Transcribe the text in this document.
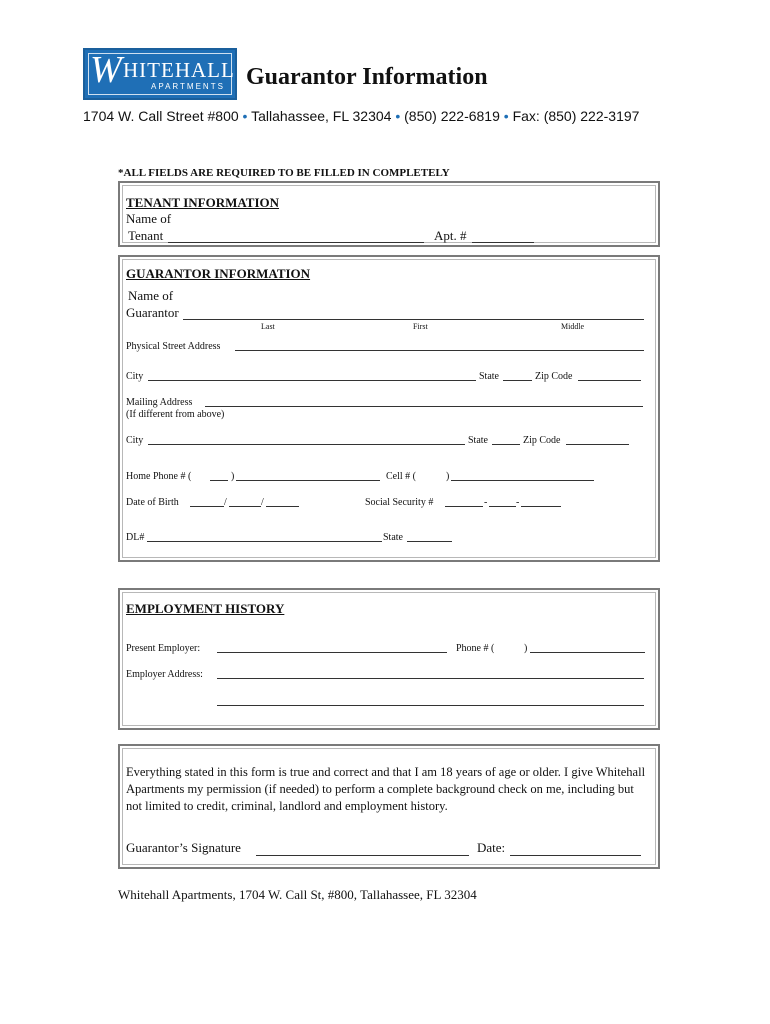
W HITEHALL
APARTMENTS Guarantor Information
1704 W. Call Street #800 • Tallahassee, FL 32304 • (850) 222-6819 • Fax: (850) 222-3197
*ALL FIELDS ARE REQUIRED TO BE FILLED IN COMPLETELY
TENANT INFORMATION
Name of
Tenant	Apt. #
GUARANTOR INFORMATION
Name of
Guarantor
Last	First	Middle
Physical Street Address
City	State	Zip Code
Mailing Address
(If different from above)
City	State	Zip Code
Home Phone # (	)	Cell # (	)
Date of Birth	/	/	Social Security #	-	-
DL#	State
EMPLOYMENT HISTORY
Present Employer:	Phone # (	)
Employer Address:
Everything stated in this form is true and correct and that I am 18 years of age or older. I give Whitehall Apartments my permission (if needed) to perform a complete background check on me, including but not limited to credit, criminal, landlord and employment history.
Guarantor’s Signature	Date:
Whitehall Apartments, 1704 W. Call St, #800, Tallahassee, FL 32304
